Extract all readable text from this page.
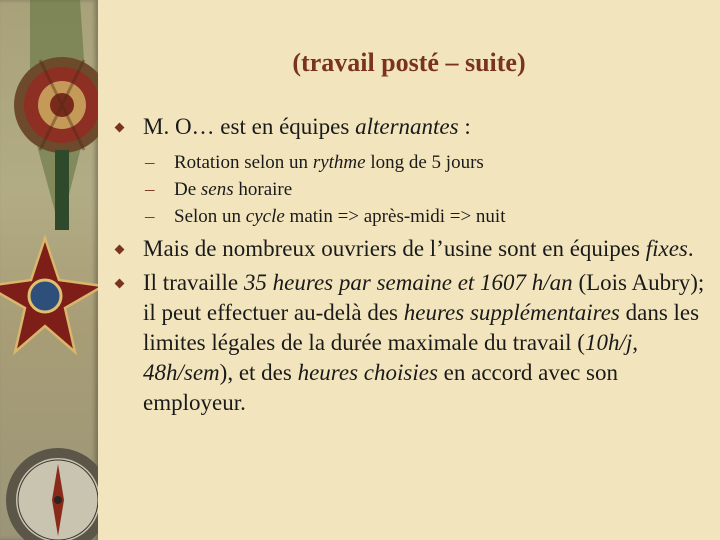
(travail posté – suite)
M. O… est en équipes alternantes :
– Rotation selon un rythme long de 5 jours
– De sens horaire
– Selon un cycle matin => après-midi => nuit
Mais de nombreux ouvriers de l’usine sont en équipes fixes.
Il travaille 35 heures par semaine et 1607 h/an (Lois Aubry); il peut effectuer au-delà des heures supplémentaires dans les limites légales de la durée maximale du travail (10h/j, 48h/sem), et des heures choisies en accord avec son employeur.
